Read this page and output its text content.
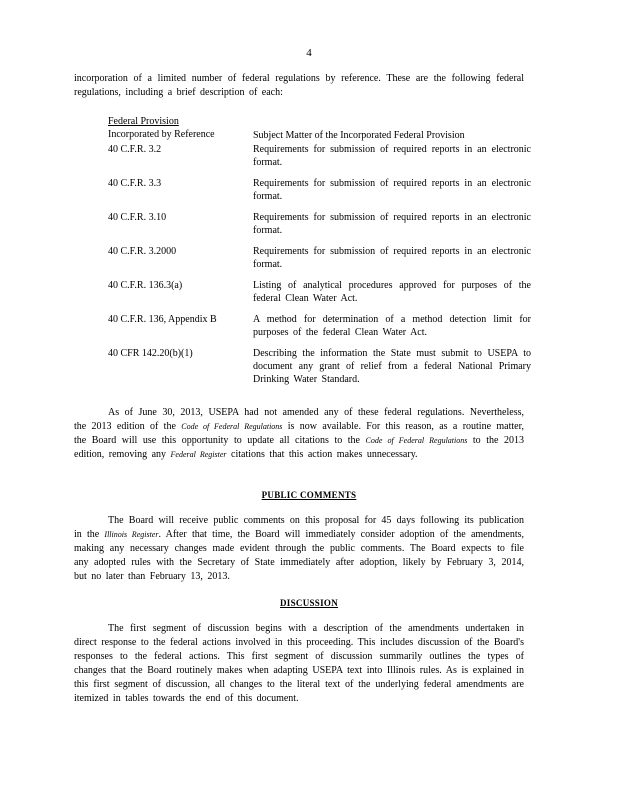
4

incorporation of a limited number of federal regulations by reference. These are the following federal regulations, including a brief description of each:

Federal Provision
Incorporated by Reference	Subject Matter of the Incorporated Federal Provision
40 C.F.R. 3.2	Requirements for submission of required reports in an electronic format.
40 C.F.R. 3.3	Requirements for submission of required reports in an electronic format.
40 C.F.R. 3.10	Requirements for submission of required reports in an electronic format.
40 C.F.R. 3.2000	Requirements for submission of required reports in an electronic format.
40 C.F.R. 136.3(a)	Listing of analytical procedures approved for purposes of the federal Clean Water Act.
40 C.F.R. 136, Appendix B	A method for determination of a method detection limit for purposes of the federal Clean Water Act.
40 CFR 142.20(b)(1)	Describing the information the State must submit to USEPA to document any grant of relief from a federal National Primary Drinking Water Standard.

As of June 30, 2013, USEPA had not amended any of these federal regulations. Nevertheless, the 2013 edition of the Code of Federal Regulations is now available. For this reason, as a routine matter, the Board will use this opportunity to update all citations to the Code of Federal Regulations to the 2013 edition, removing any Federal Register citations that this action makes unnecessary.

PUBLIC COMMENTS

The Board will receive public comments on this proposal for 45 days following its publication in the Illinois Register. After that time, the Board will immediately consider adoption of the amendments, making any necessary changes made evident through the public comments. The Board expects to file any adopted rules with the Secretary of State immediately after adoption, likely by February 3, 2014, but no later than February 13, 2013.

DISCUSSION

The first segment of discussion begins with a description of the amendments undertaken in direct response to the federal actions involved in this proceeding. This includes discussion of the Board's responses to the federal actions. This first segment of discussion summarily outlines the types of changes that the Board routinely makes when adapting USEPA text into Illinois rules. As is explained in this first segment of discussion, all changes to the literal text of the underlying federal amendments are itemized in tables towards the end of this document.
